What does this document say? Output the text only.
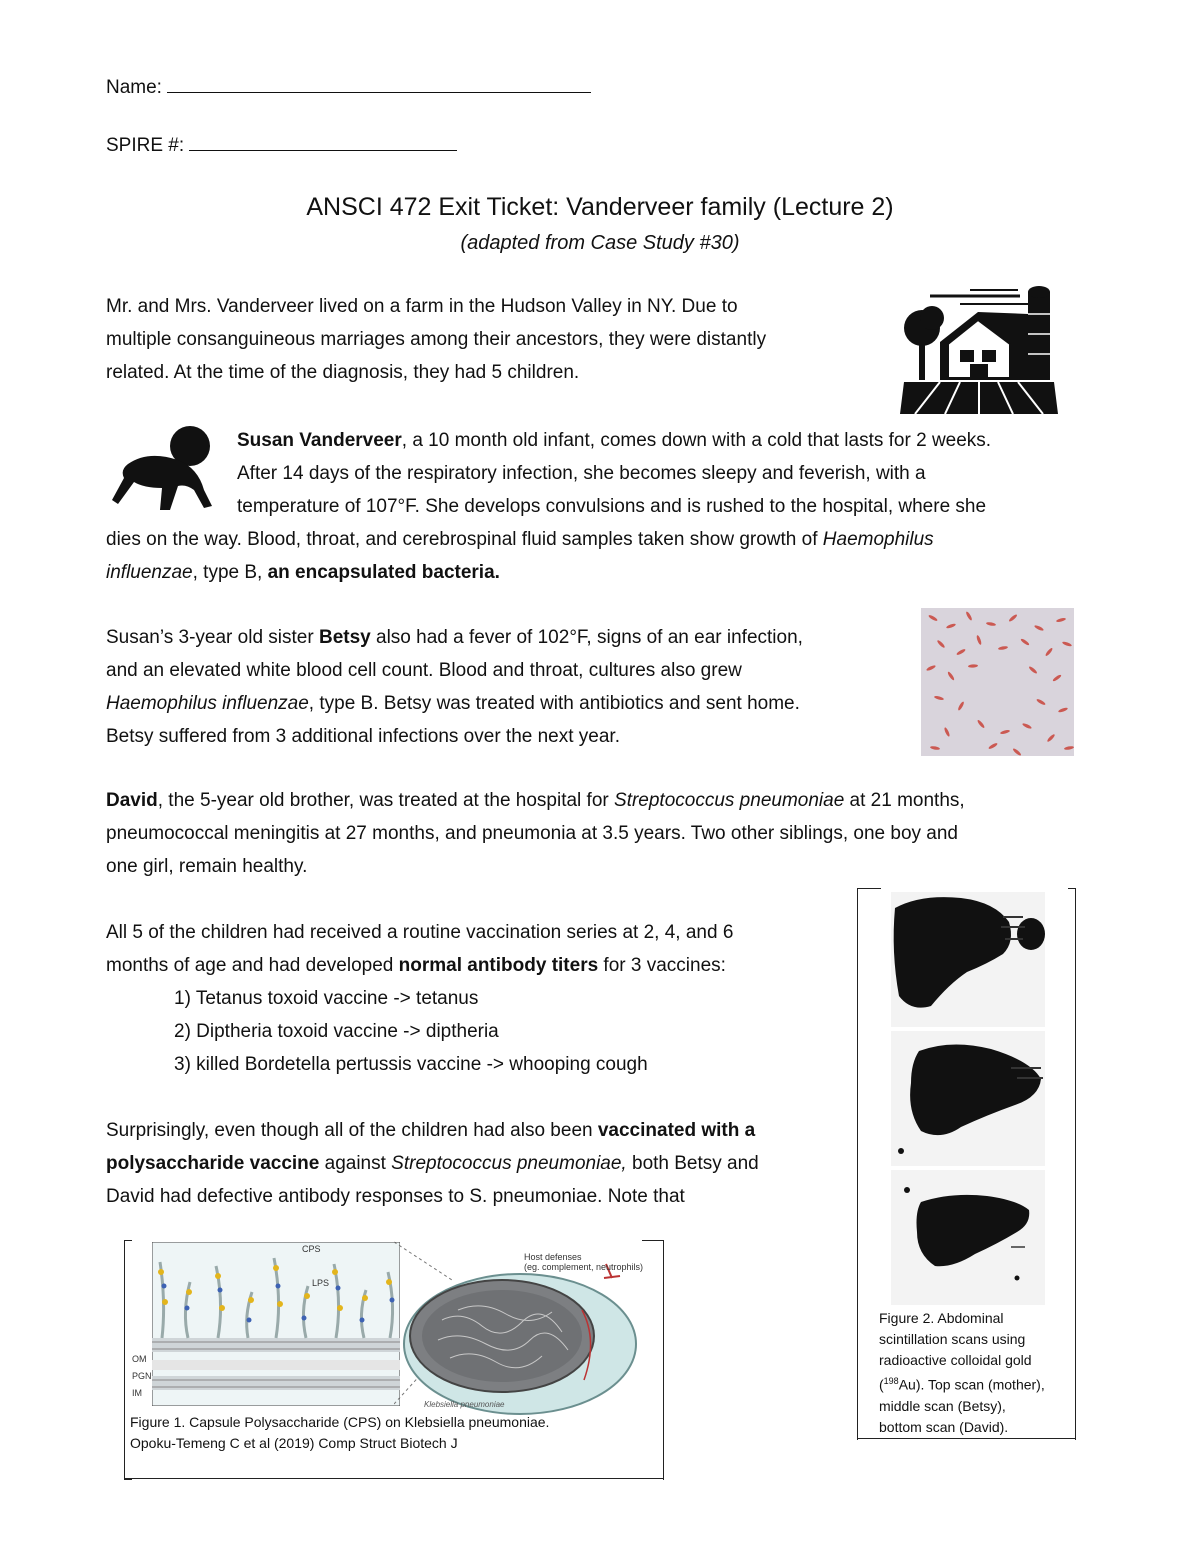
Name:
SPIRE #:
ANSCI 472 Exit Ticket: Vanderveer family (Lecture 2)
(adapted from Case Study #30)
Mr. and Mrs. Vanderveer lived on a farm in the Hudson Valley in NY. Due to
multiple consanguineous marriages among their ancestors, they were distantly
related. At the time of the diagnosis, they had 5 children.
Susan Vanderveer, a 10 month old infant, comes down with a cold that lasts for 2 weeks.
After 14 days of the respiratory infection, she becomes sleepy and feverish, with a
temperature of 107°F. She develops convulsions and is rushed to the hospital, where she
dies on the way. Blood, throat, and cerebrospinal fluid samples taken show growth of Haemophilus
influenzae, type B, an encapsulated bacteria.
Susan’s 3-year old sister Betsy also had a fever of 102°F, signs of an ear infection,
and an elevated white blood cell count. Blood and throat, cultures also grew
Haemophilus influenzae, type B. Betsy was treated with antibiotics and sent home.
Betsy suffered from 3 additional infections over the next year.
David, the 5-year old brother, was treated at the hospital for Streptococcus pneumoniae at 21 months,
pneumococcal meningitis at 27 months, and pneumonia at 3.5 years. Two other siblings, one boy and
one girl, remain healthy.
All 5 of the children had received a routine vaccination series at 2, 4, and 6
months of age and had developed normal antibody titers for 3 vaccines:
1) Tetanus toxoid vaccine -> tetanus
2) Diptheria toxoid vaccine -> diptheria
3) killed Bordetella pertussis vaccine -> whooping cough
Surprisingly, even though all of the children had also been vaccinated with a
polysaccharide vaccine against Streptococcus pneumoniae, both Betsy and
David had defective antibody responses to S. pneumoniae. Note that
CPS
LPS
OM
PGN
IM
Host defenses
(eg. complement, neutrophils)
Klebsiella pneumoniae
Figure 1. Capsule Polysaccharide (CPS) on Klebsiella pneumoniae.
Opoku-Temeng C et al (2019) Comp Struct Biotech J
Figure 2. Abdominal
scintillation scans using
radioactive colloidal gold
($^{198}$Au). Top scan (mother),
middle scan (Betsy),
bottom scan (David).
